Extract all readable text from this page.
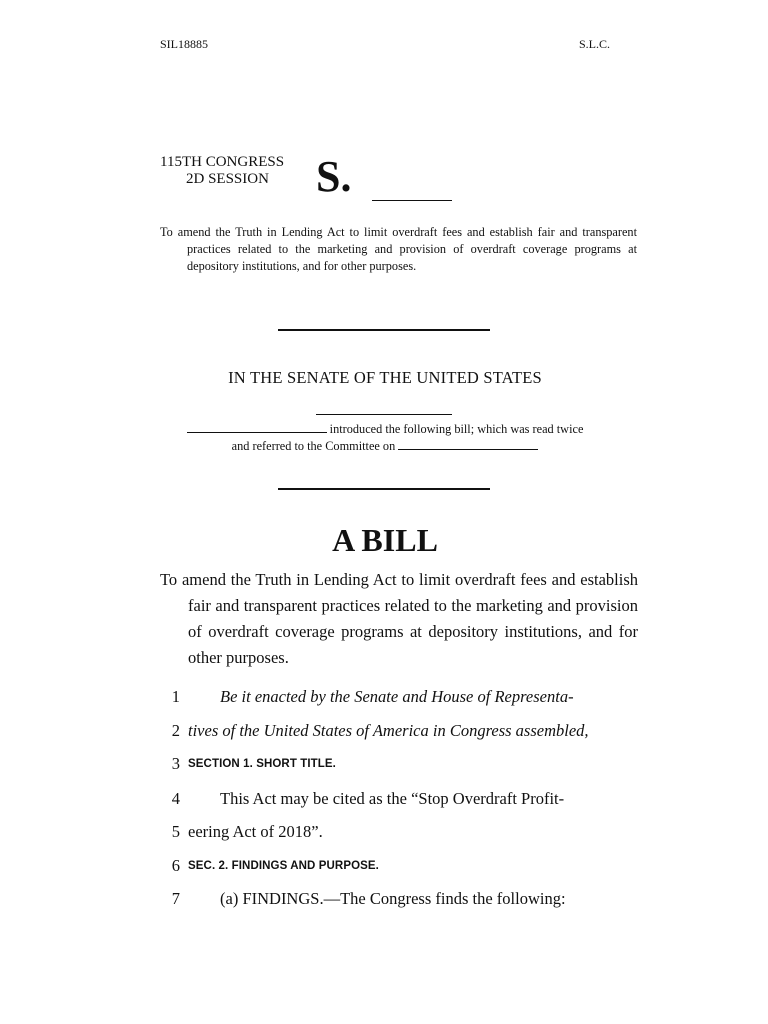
SIL18885	S.L.C.
115TH CONGRESS
2D SESSION	S.
To amend the Truth in Lending Act to limit overdraft fees and establish fair and transparent practices related to the marketing and provision of overdraft coverage programs at depository institutions, and for other purposes.
IN THE SENATE OF THE UNITED STATES
introduced the following bill; which was read twice
and referred to the Committee on
A BILL
To amend the Truth in Lending Act to limit overdraft fees and establish fair and transparent practices related to the marketing and provision of overdraft coverage programs at depository institutions, and for other purposes.
1 Be it enacted by the Senate and House of Representa-
2 tives of the United States of America in Congress assembled,
3 SECTION 1. SHORT TITLE.
4 This Act may be cited as the “Stop Overdraft Profit-
5 eering Act of 2018”.
6 SEC. 2. FINDINGS AND PURPOSE.
7 (a) FINDINGS.—The Congress finds the following:
